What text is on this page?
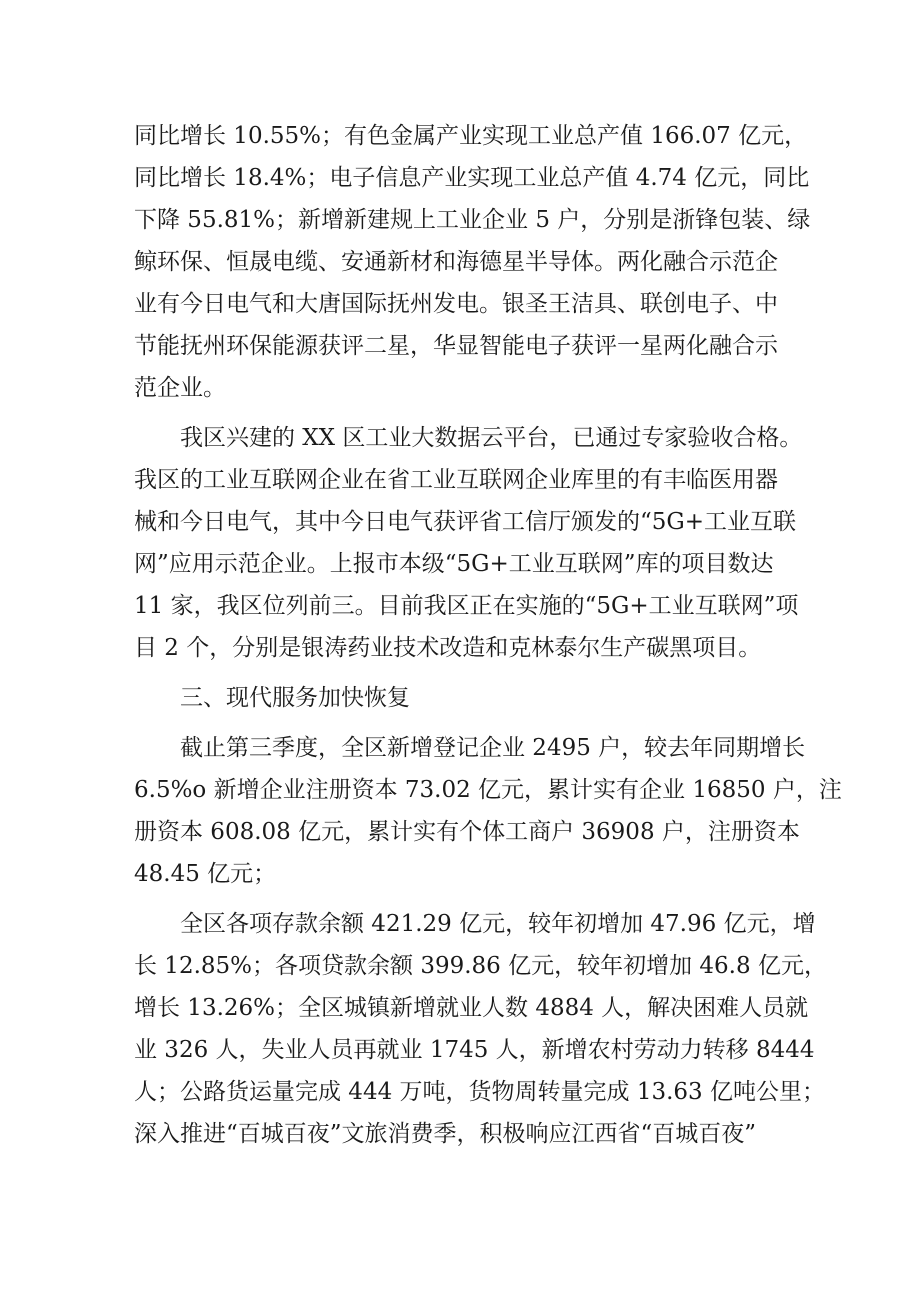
同比增长 10.55%；有色金属产业实现工业总产值 166.07 亿元，
同比增长 18.4%；电子信息产业实现工业总产值 4.74 亿元，同比
下降 55.81%；新增新建规上工业企业 5 户，分别是浙锋包装、绿
鲸环保、恒晟电缆、安通新材和海德星半导体。两化融合示范企
业有今日电气和大唐国际抚州发电。银圣王洁具、联创电子、中
节能抚州环保能源获评二星，华显智能电子获评一星两化融合示
范企业。
我区兴建的 XX 区工业大数据云平台，已通过专家验收合格。
我区的工业互联网企业在省工业互联网企业库里的有丰临医用器
械和今日电气，其中今日电气获评省工信厅颁发的“5G+工业互联
网”应用示范企业。上报市本级“5G+工业互联网”库的项目数达
11 家，我区位列前三。目前我区正在实施的“5G+工业互联网”项
目 2 个，分别是银涛药业技术改造和克林泰尔生产碳黑项目。
三、现代服务加快恢复
截止第三季度，全区新增登记企业 2495 户，较去年同期增长
6.5%o 新增企业注册资本 73.02 亿元，累计实有企业 16850 户，注
册资本 608.08 亿元，累计实有个体工商户 36908 户，注册资本
48.45 亿元；
全区各项存款余额 421.29 亿元，较年初增加 47.96 亿元，增
长 12.85%；各项贷款余额 399.86 亿元，较年初增加 46.8 亿元，
增长 13.26%；全区城镇新增就业人数 4884 人，解决困难人员就
业 326 人，失业人员再就业 1745 人，新增农村劳动力转移 8444
人；公路货运量完成 444 万吨，货物周转量完成 13.63 亿吨公里；
深入推进“百城百夜”文旅消费季，积极响应江西省“百城百夜”
